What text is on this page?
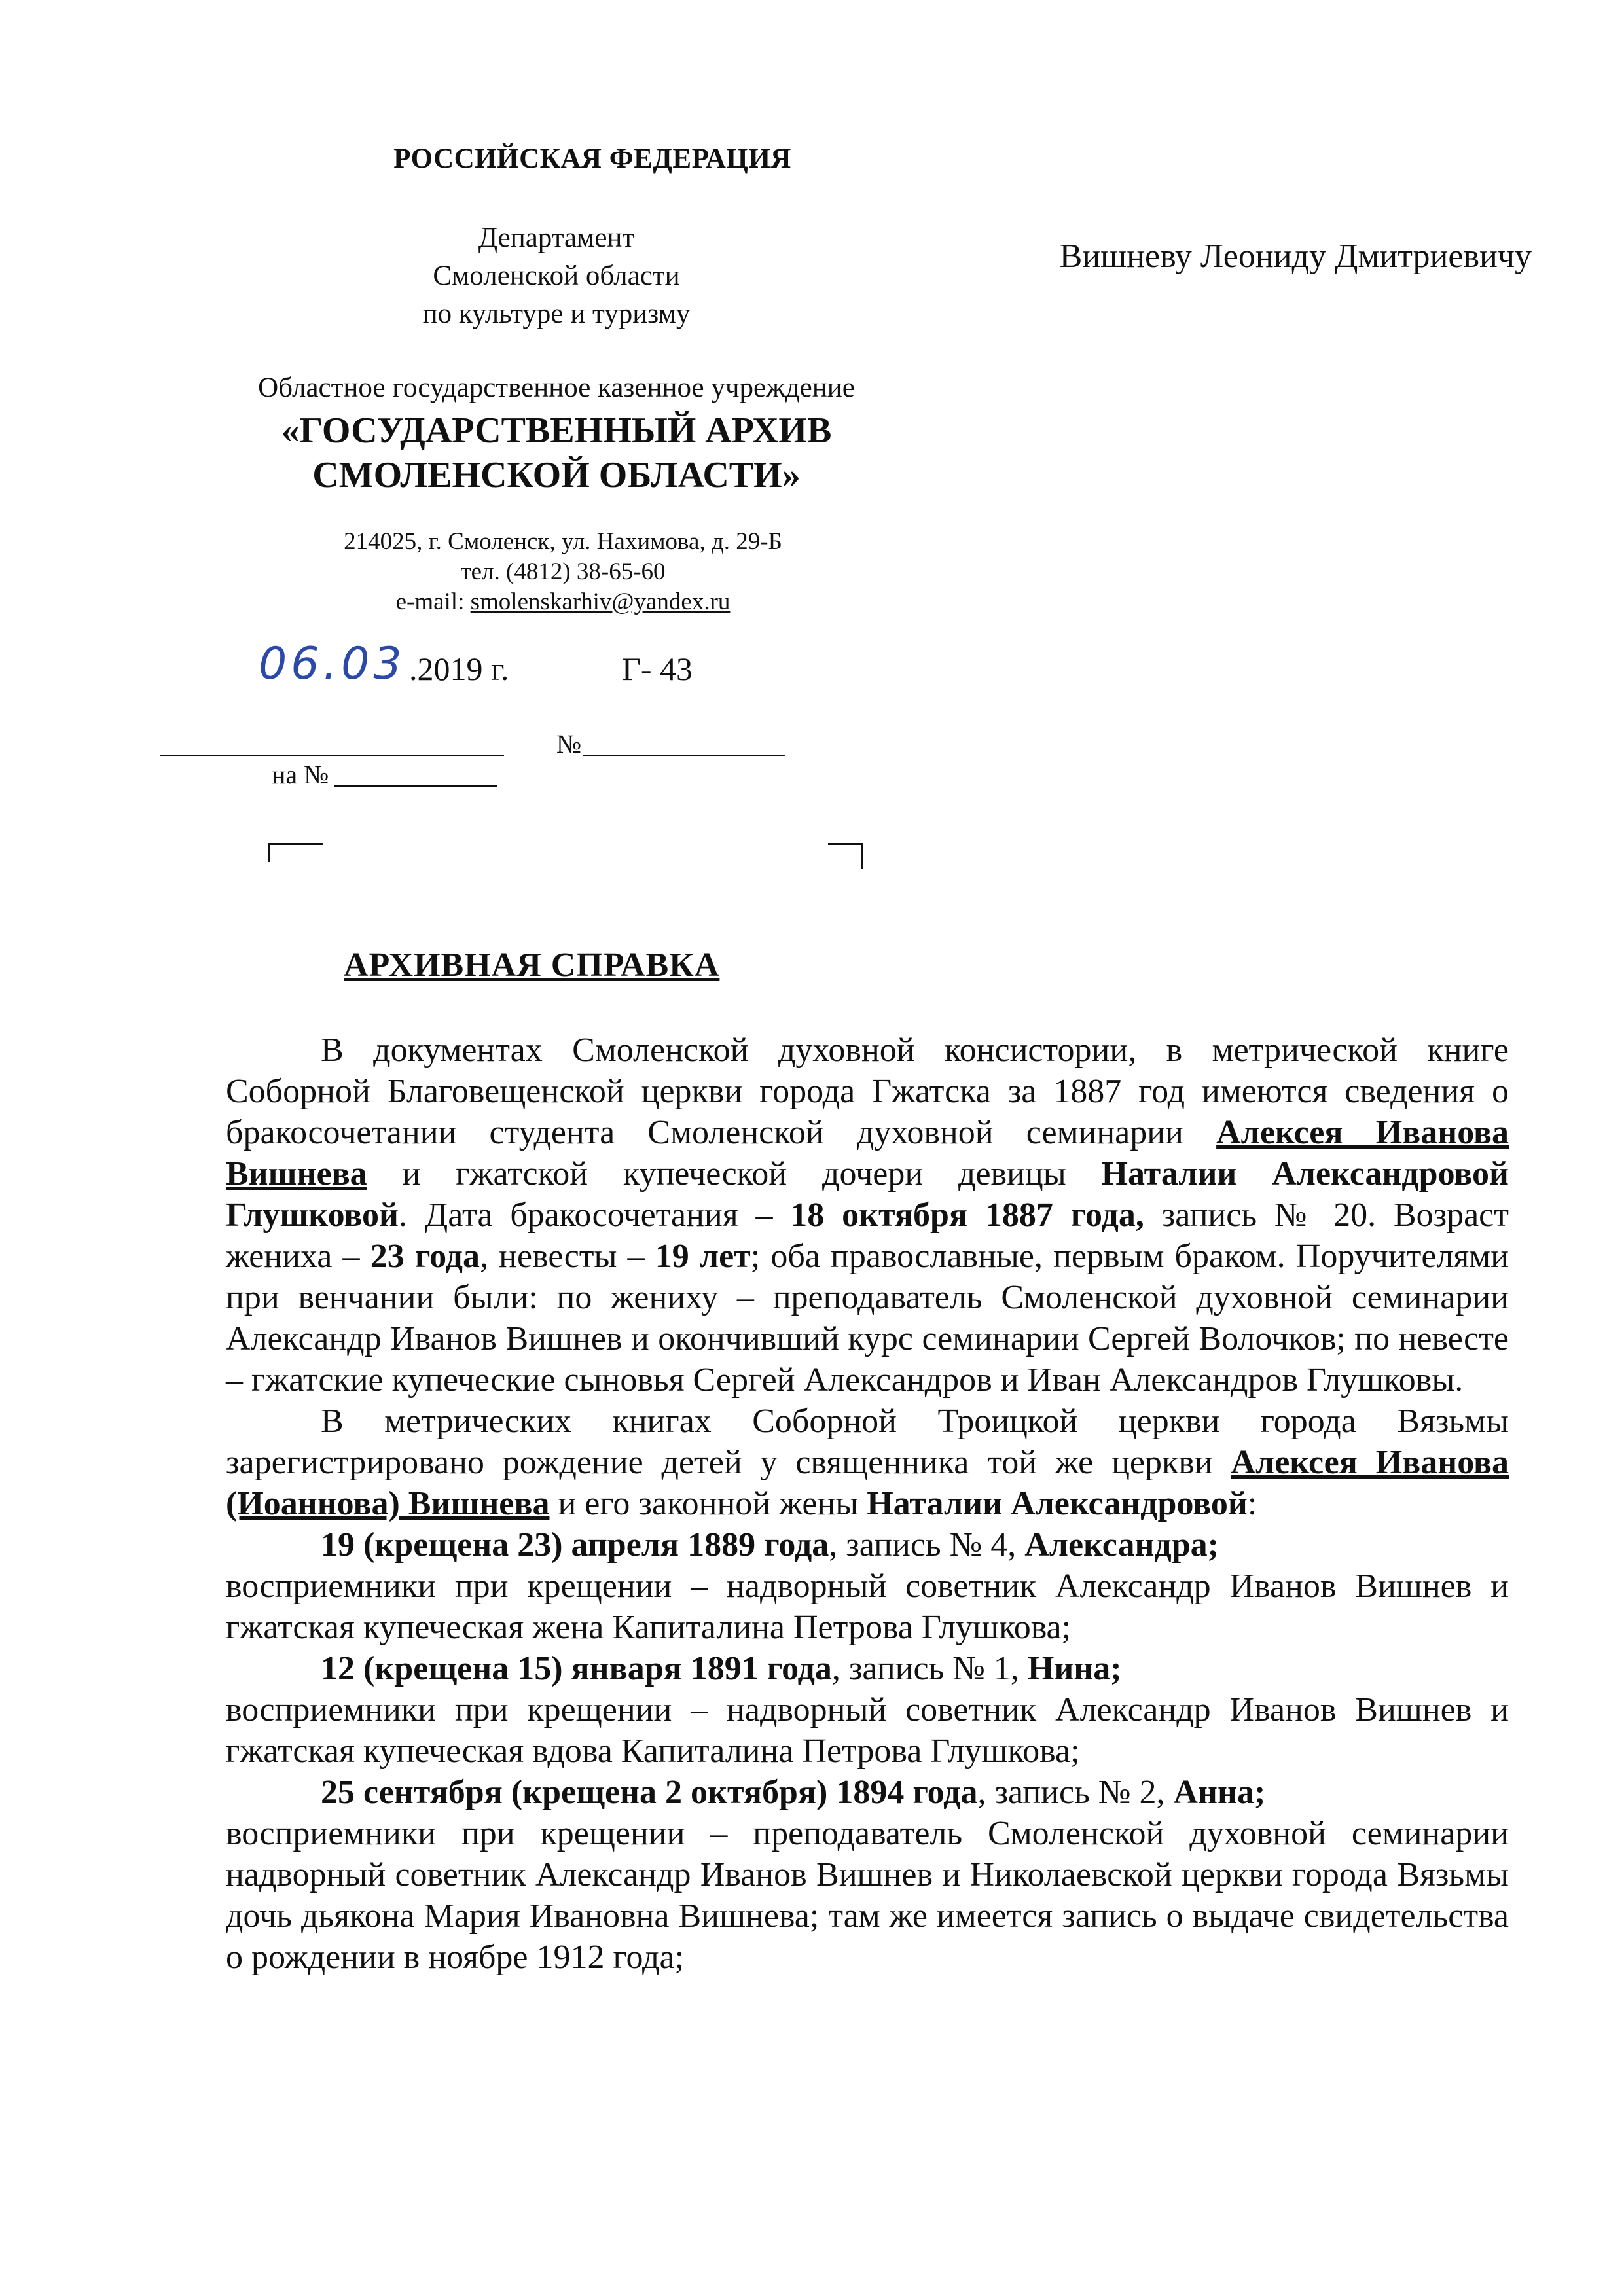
РОССИЙСКАЯ ФЕДЕРАЦИЯ
Департамент
Смоленской области
по культуре и туризму
Вишневу Леониду Дмитриевичу
Областное государственное казенное учреждение
«ГОСУДАРСТВЕННЫЙ АРХИВ
СМОЛЕНСКОЙ ОБЛАСТИ»
214025, г. Смоленск, ул. Нахимова, д. 29-Б
тел. (4812) 38-65-60
e-mail: smolenskarhiv@yandex.ru
06.03 .2019 г.	Г- 43
№
на №
АРХИВНАЯ СПРАВКА

В документах Смоленской духовной консистории, в метрической книге Соборной Благовещенской церкви города Гжатска за 1887 год имеются сведения о бракосочетании студента Смоленской духовной семинарии Алексея Иванова Вишнева и гжатской купеческой дочери девицы Наталии Александровой Глушковой. Дата бракосочетания – 18 октября 1887 года, запись № 20. Возраст жениха – 23 года, невесты – 19 лет; оба православные, первым браком. Поручителями при венчании были: по жениху – преподаватель Смоленской духовной семинарии Александр Иванов Вишнев и окончивший курс семинарии Сергей Волочков; по невесте – гжатские купеческие сыновья Сергей Александров и Иван Александров Глушковы.

В метрических книгах Соборной Троицкой церкви города Вязьмы зарегистрировано рождение детей у священника той же церкви Алексея Иванова (Иоаннова) Вишнева и его законной жены Наталии Александровой:

19 (крещена 23) апреля 1889 года, запись № 4, Александра;

восприемники при крещении – надворный советник Александр Иванов Вишнев и гжатская купеческая жена Капиталина Петрова Глушкова;

12 (крещена 15) января 1891 года, запись № 1, Нина;

восприемники при крещении – надворный советник Александр Иванов Вишнев и гжатская купеческая вдова Капиталина Петрова Глушкова;

25 сентября (крещена 2 октября) 1894 года, запись № 2, Анна;

восприемники при крещении – преподаватель Смоленской духовной семинарии надворный советник Александр Иванов Вишнев и Николаевской церкви города Вязьмы дочь дьякона Мария Ивановна Вишнева; там же имеется запись о выдаче свидетельства о рождении в ноябре 1912 года;
